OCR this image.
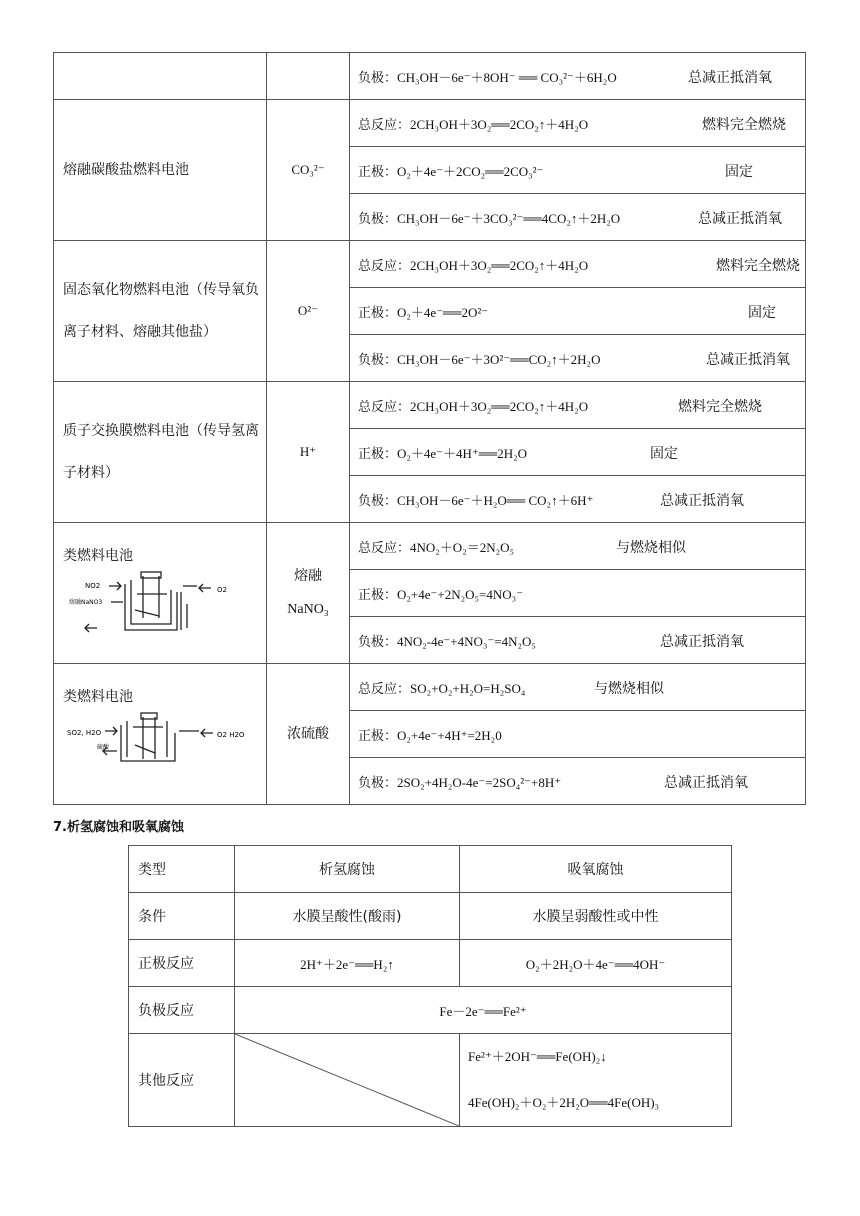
		负极：CH₃OH－6e⁻＋8OH⁻ ══ CO₃²⁻＋6H₂O 总减正抵消氧

熔融碳酸盐燃料电池	CO₃²⁻	总反应：2CH₃OH＋3O₂══2CO₂↑＋4H₂O 燃料完全燃烧

		正极：O₂＋4e⁻＋2CO₂══2CO₃²⁻ 固定

		负极：CH₃OH－6e⁻＋3CO₃²⁻══4CO₂↑＋2H₂O 总减正抵消氧

固态氧化物燃料电池（传导氧负离子材料、熔融其他盐）	O²⁻	总反应：2CH₃OH＋3O₂══2CO₂↑＋4H₂O 燃料完全燃烧

		正极：O₂＋4e⁻══2O²⁻ 固定

		负极：CH₃OH－6e⁻＋3O²⁻══CO₂↑＋2H₂O 总减正抵消氧

质子交换膜燃料电池（传导氢离子材料）	H⁺	总反应：2CH₃OH＋3O₂══2CO₂↑＋4H₂O 燃料完全燃烧

		正极：O₂＋4e⁻＋4H⁺══2H₂O 固定

		负极：CH₃OH－6e⁻＋H₂O══ CO₂↑＋6H⁺ 总减正抵消氧

类燃料电池
NO2
熔融NaNO3
O2	熔融
NaNO₃	总反应：4NO₂＋O₂＝2N₂O₅ 与燃烧相似

		正极：O₂+4e⁻+2N₂O₅=4NO₃⁻
		负极：4NO₂-4e⁻+4NO₃⁻=4N₂O₅ 总减正抵消氧

类燃料电池
SO2, H2O
硫酸
O2 H2O	浓硫酸	总反应：SO₂+O₂+H₂O=H₂SO₄ 与燃烧相似

		正极：O₂+4e⁻+4H⁺=2H₂0
		负极：2SO₂+4H₂O-4e⁻=2SO₄²⁻+8H⁺ 总减正抵消氧

7.析氢腐蚀和吸氧腐蚀

类型	析氢腐蚀	吸氧腐蚀
条件	水膜呈酸性(酸雨)	水膜呈弱酸性或中性
正极反应	2H⁺＋2e⁻══H₂↑	O₂＋2H₂O＋4e⁻══4OH⁻
负极反应	Fe－2e⁻══Fe²⁺	
其他反应		Fe²⁺＋2OH⁻══Fe(OH)₂↓
4Fe(OH)₂＋O₂＋2H₂O══4Fe(OH)₃
